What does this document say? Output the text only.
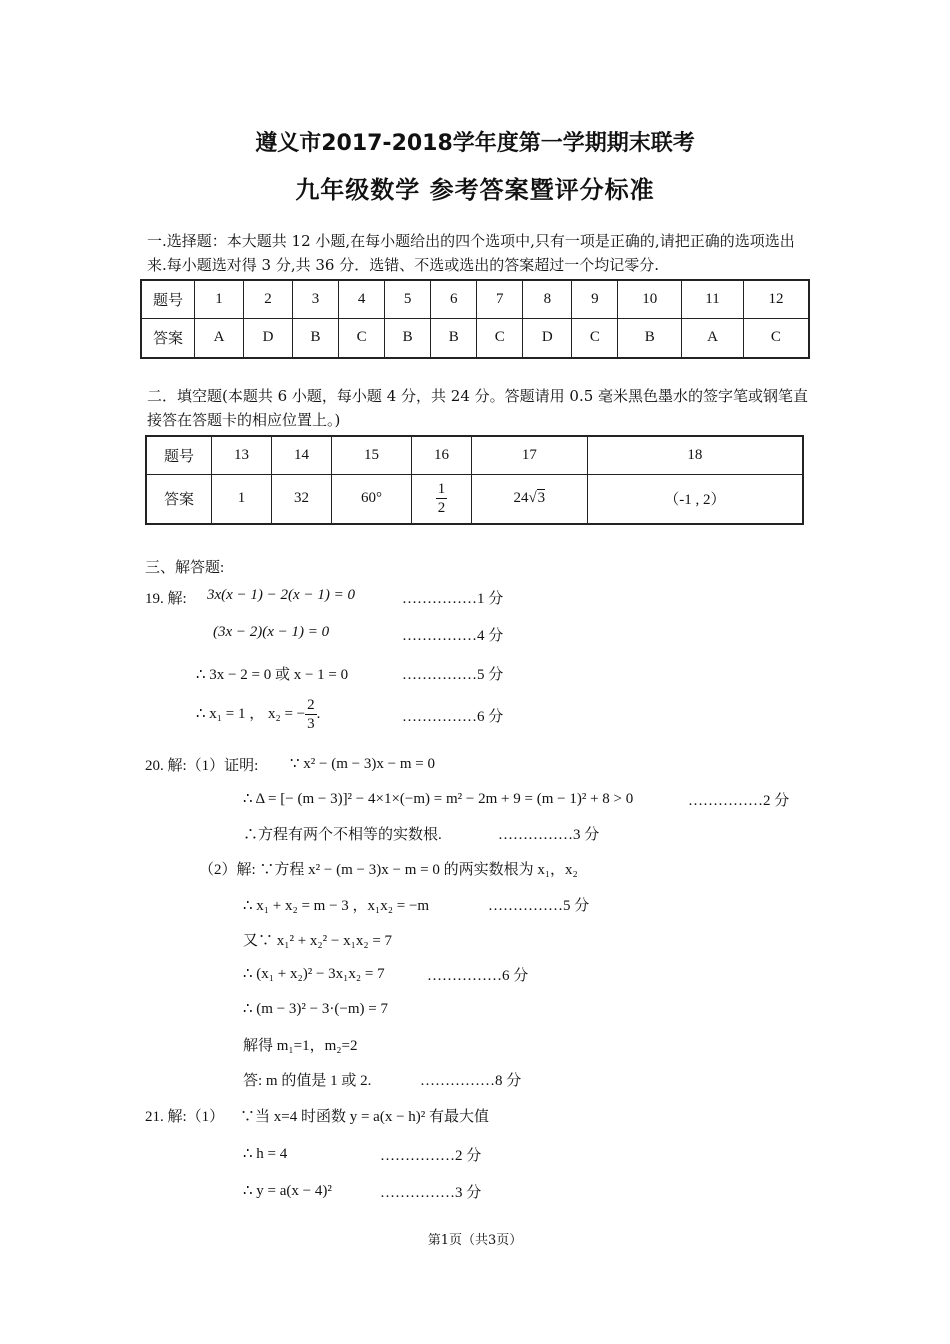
遵义市2017-2018学年度第一学期期末联考
九年级数学 参考答案暨评分标准
一.选择题：本大题共 12 小题,在每小题给出的四个选项中,只有一项是正确的,请把正确的选项选出来.每小题选对得 3 分,共 36 分．选错、不选或选出的答案超过一个均记零分.
题号	1	2	3	4	5	6	7	8	9	10	11	12
答案	A	D	B	C	B	B	C	D	C	B	A	C
二．填空题(本题共 6 小题，每小题 4 分，共 24 分。答题请用 0.5 毫米黑色墨水的签字笔或钢笔直接答在答题卡的相应位置上。)
题号	13	14	15	16	17	18
答案	1	32	60°	$\frac{1}{2}$	24√3	（-1 , 2）
三、解答题:
19. 解: 3x(x − 1) − 2(x − 1) = 0	……………1 分
(3x − 2)(x − 1) = 0	……………4 分
∴ 3x − 2 = 0 或 x − 1 = 0	……………5 分
∴ x₁ = 1 ， x₂ = − $\frac{2}{3}$ .	……………6 分
20. 解:（1）证明: ∵ x² − (m − 3)x − m = 0
∴ Δ = [− (m − 3)]² − 4×1×(−m) = m² − 2m + 9 = (m − 1)² + 8 > 0	……………2 分
∴方程有两个不相等的实数根.	……………3 分
（2）解: ∵方程 x² − (m − 3)x − m = 0 的两实数根为 x₁，x₂
∴ x₁ + x₂ = m − 3 ，x₁x₂ = −m	……………5 分
又∵ x₁² + x₂² − x₁x₂ = 7
∴ (x₁ + x₂)² − 3x₁x₂ = 7	……………6 分
∴ (m − 3)² − 3·(−m) = 7
解得 m₁=1，m₂=2
答: m 的值是 1 或 2.	……………8 分
21. 解:（1） ∵当 x=4 时函数 y = a(x − h)² 有最大值
∴ h = 4	……………2 分
∴ y = a(x − 4)²	……………3 分
第1页（共3页）
